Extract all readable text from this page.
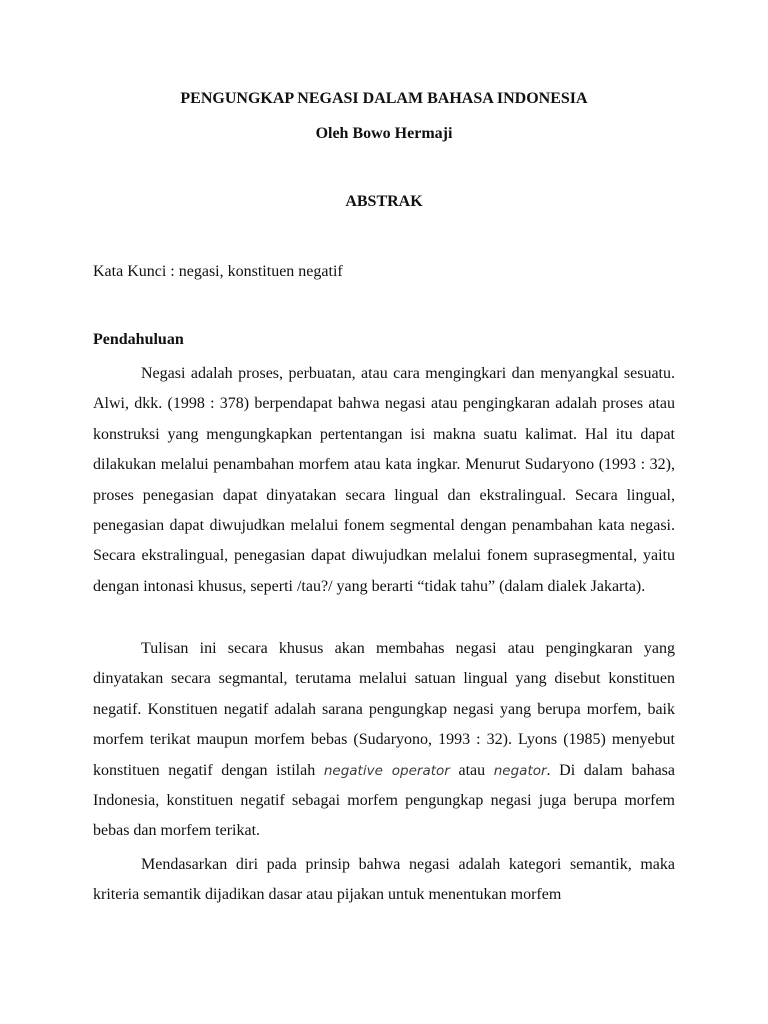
PENGUNGKAP NEGASI DALAM BAHASA INDONESIA
Oleh Bowo Hermaji
ABSTRAK
Kata Kunci : negasi, konstituen negatif
Pendahuluan

Negasi adalah proses, perbuatan, atau cara mengingkari dan menyangkal sesuatu. Alwi, dkk. (1998 : 378) berpendapat bahwa negasi atau pengingkaran adalah proses atau konstruksi yang mengungkapkan pertentangan isi makna suatu kalimat. Hal itu dapat dilakukan melalui penambahan morfem atau kata ingkar. Menurut Sudaryono (1993 : 32), proses penegasian dapat dinyatakan secara lingual dan ekstralingual. Secara lingual, penegasian dapat diwujudkan melalui fonem segmental dengan penambahan kata negasi. Secara ekstralingual, penegasian dapat diwujudkan melalui fonem suprasegmental, yaitu dengan intonasi khusus, seperti /tau?/ yang berarti “tidak tahu” (dalam dialek Jakarta).

Tulisan ini secara khusus akan membahas negasi atau pengingkaran yang dinyatakan secara segmantal, terutama melalui satuan lingual yang disebut konstituen negatif. Konstituen negatif adalah sarana pengungkap negasi yang berupa morfem, baik morfem terikat maupun morfem bebas (Sudaryono, 1993 : 32). Lyons (1985) menyebut konstituen negatif dengan istilah negative operator atau negator. Di dalam bahasa Indonesia, konstituen negatif sebagai morfem pengungkap negasi juga berupa morfem bebas dan morfem terikat.

Mendasarkan diri pada prinsip bahwa negasi adalah kategori semantik, maka kriteria semantik dijadikan dasar atau pijakan untuk menentukan morfem
